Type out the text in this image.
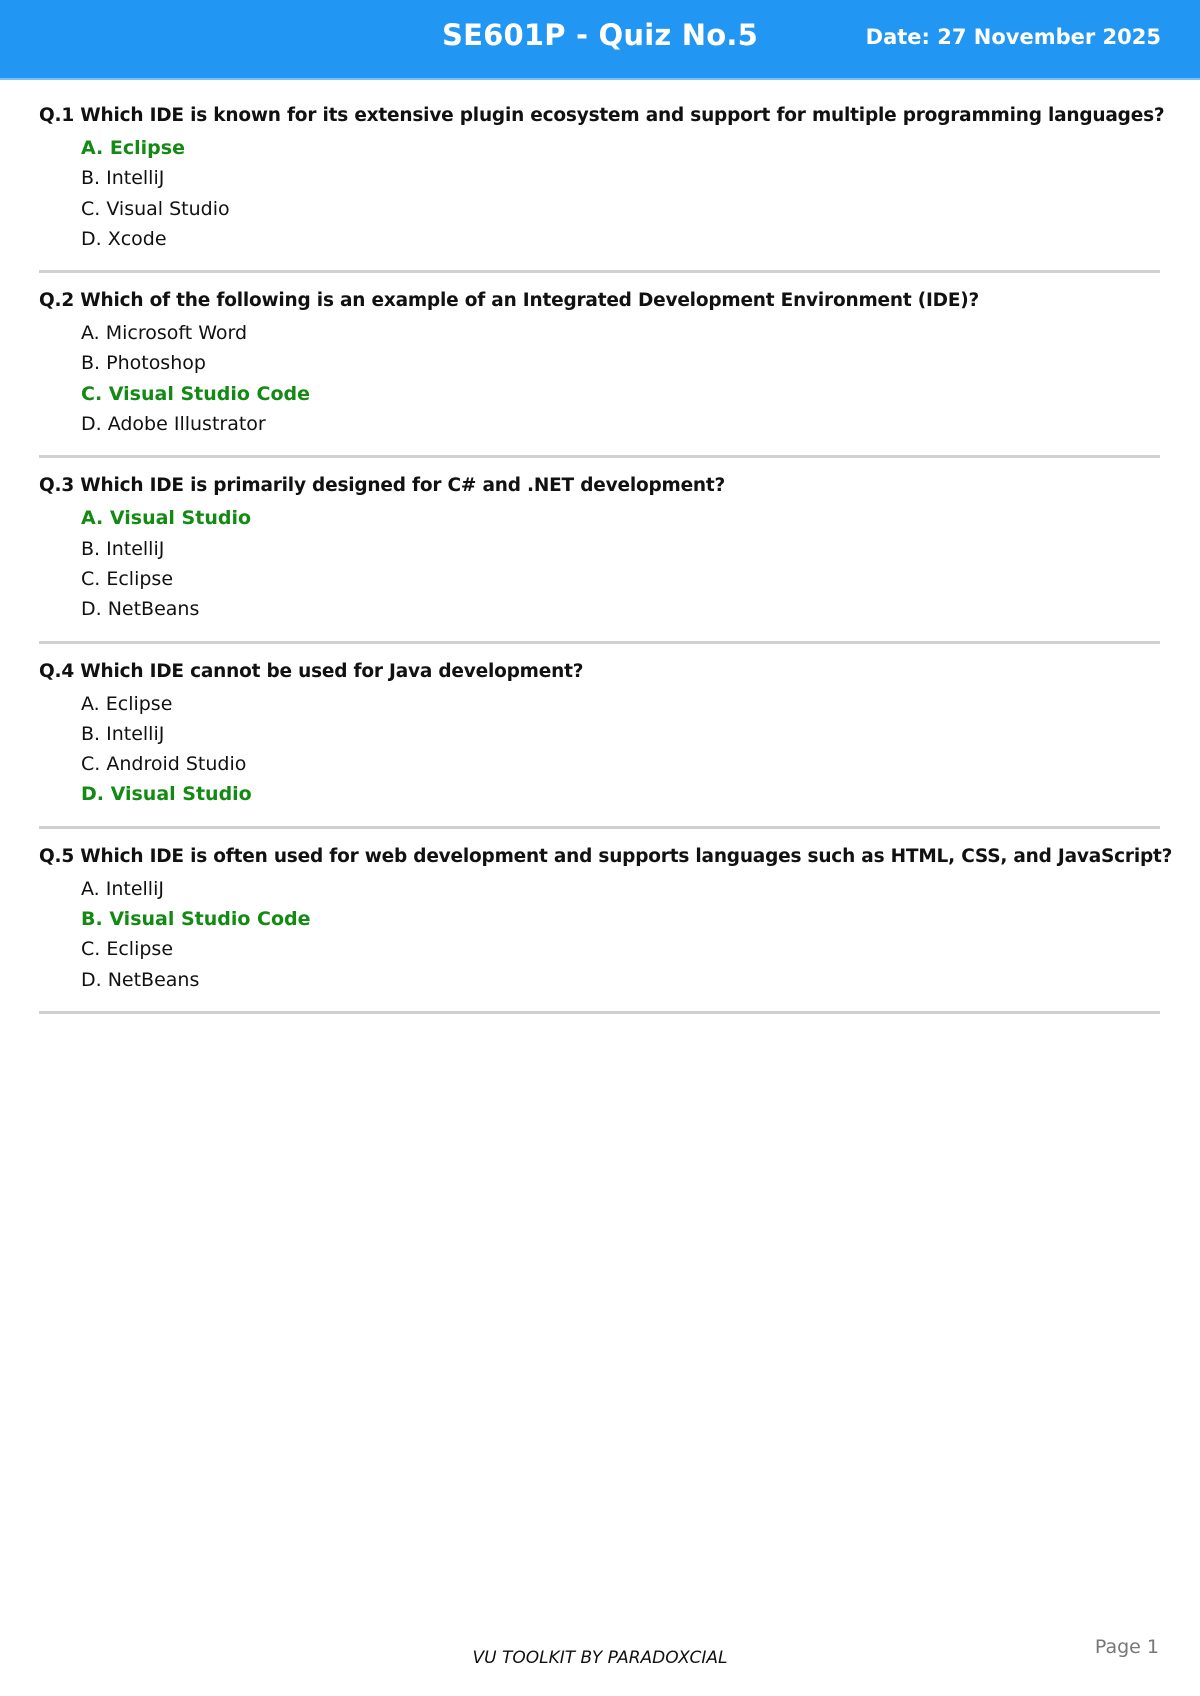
SE601P - Quiz No.5	Date: 27 November 2025

Q.1 Which IDE is known for its extensive plugin ecosystem and support for multiple programming languages?

A. Eclipse
B. IntelliJ
C. Visual Studio
D. Xcode

Q.2 Which of the following is an example of an Integrated Development Environment (IDE)?

A. Microsoft Word
B. Photoshop
C. Visual Studio Code
D. Adobe Illustrator

Q.3 Which IDE is primarily designed for C# and .NET development?

A. Visual Studio
B. IntelliJ
C. Eclipse
D. NetBeans

Q.4 Which IDE cannot be used for Java development?

A. Eclipse
B. IntelliJ
C. Android Studio
D. Visual Studio

Q.5 Which IDE is often used for web development and supports languages such as HTML, CSS, and JavaScript?

A. IntelliJ
B. Visual Studio Code
C. Eclipse
D. NetBeans
VU TOOLKIT BY PARADOXCIAL	Page 1
